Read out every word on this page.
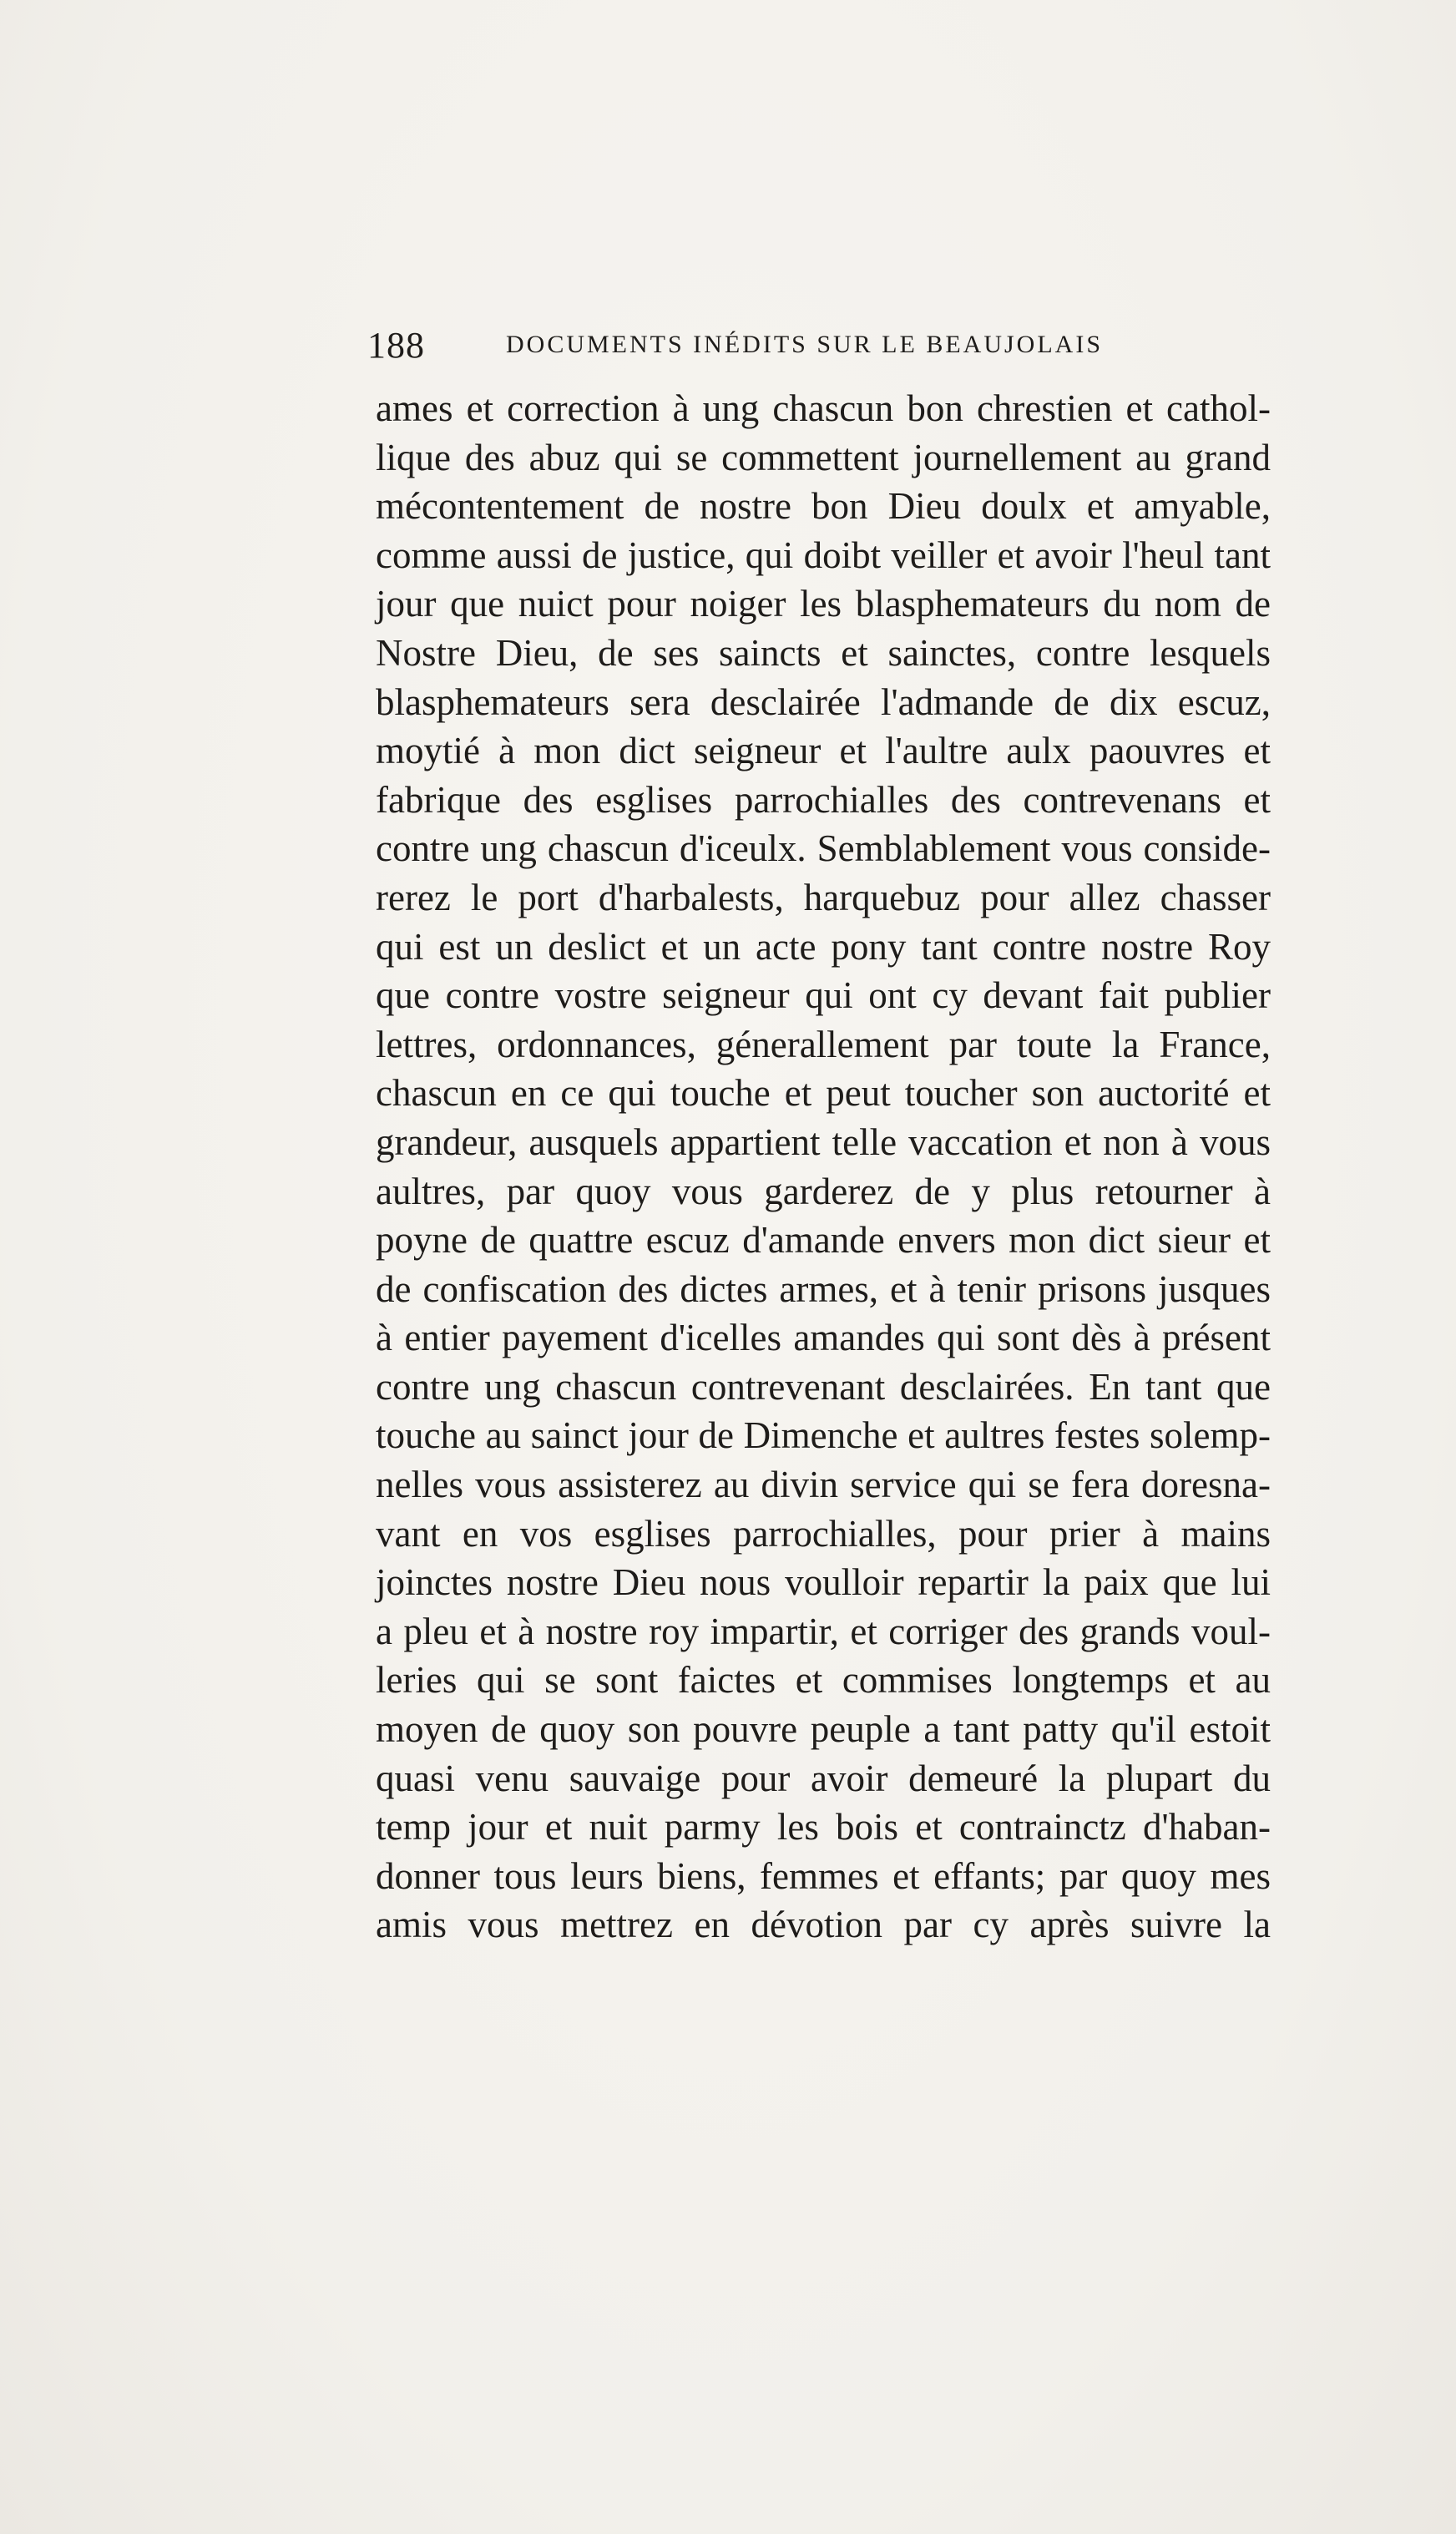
188	DOCUMENTS INÉDITS SUR LE BEAUJOLAIS
ames et correction à ung chascun bon chrestien et cathol-
lique des abuz qui se commettent journellement au grand
mécontentement de nostre bon Dieu doulx et amyable,
comme aussi de justice, qui doibt veiller et avoir l'heul tant
jour que nuict pour noiger les blasphemateurs du nom de
Nostre Dieu, de ses saincts et sainctes, contre lesquels
blasphemateurs sera desclairée l'admande de dix escuz,
moytié à mon dict seigneur et l'aultre aulx paouvres et
fabrique des esglises parrochialles des contrevenans et
contre ung chascun d'iceulx. Semblablement vous conside-
rerez le port d'harbalests, harquebuz pour allez chasser
qui est un deslict et un acte pony tant contre nostre Roy
que contre vostre seigneur qui ont cy devant fait publier
lettres, ordonnances, génerallement par toute la France,
chascun en ce qui touche et peut toucher son auctorité et
grandeur, ausquels appartient telle vaccation et non à vous
aultres, par quoy vous garderez de y plus retourner à
poyne de quattre escuz d'amande envers mon dict sieur et
de confiscation des dictes armes, et à tenir prisons jusques
à entier payement d'icelles amandes qui sont dès à présent
contre ung chascun contrevenant desclairées. En tant que
touche au sainct jour de Dimenche et aultres festes solemp-
nelles vous assisterez au divin service qui se fera doresna-
vant en vos esglises parrochialles, pour prier à mains
joinctes nostre Dieu nous voulloir repartir la paix que lui
a pleu et à nostre roy impartir, et corriger des grands voul-
leries qui se sont faictes et commises longtemps et au
moyen de quoy son pouvre peuple a tant patty qu'il estoit
quasi venu sauvaige pour avoir demeuré la plupart du
temp jour et nuit parmy les bois et contrainctz d'haban-
donner tous leurs biens, femmes et effants; par quoy mes
amis vous mettrez en dévotion par cy après suivre la
